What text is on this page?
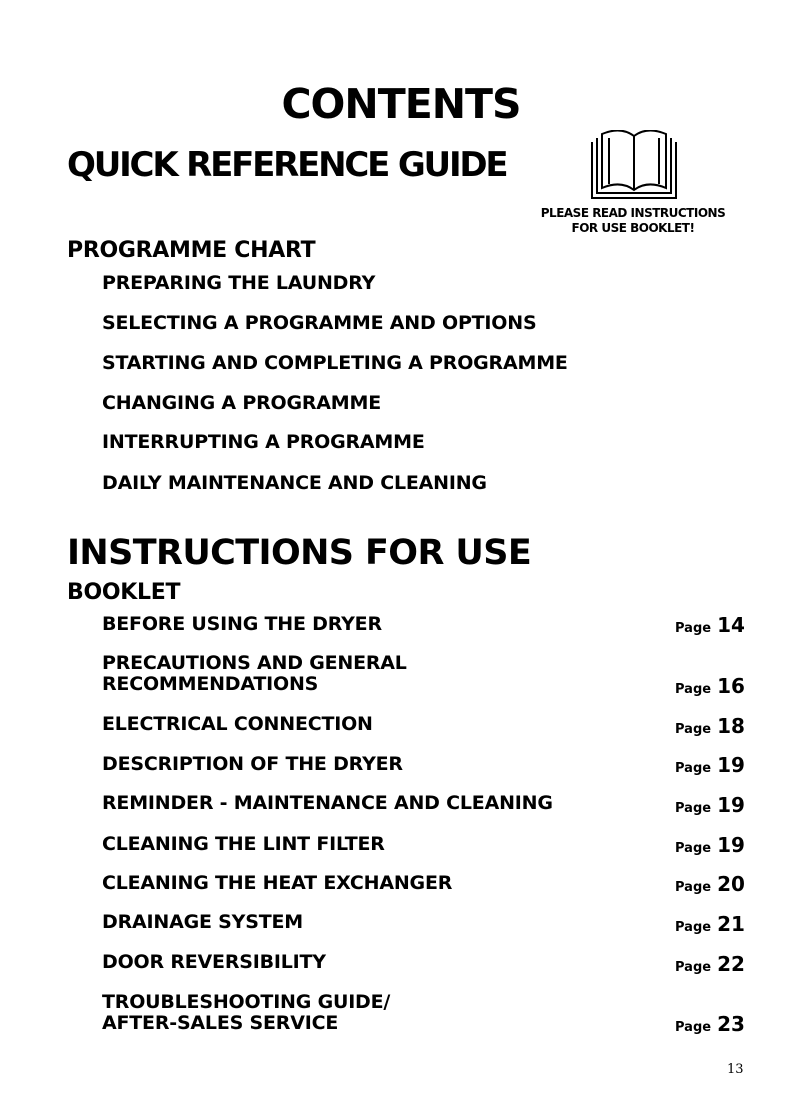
CONTENTS
QUICK REFERENCE GUIDE
PLEASE READ INSTRUCTIONS
FOR USE BOOKLET!
PROGRAMME CHART
PREPARING THE LAUNDRY
SELECTING A PROGRAMME AND OPTIONS
STARTING AND COMPLETING A PROGRAMME
CHANGING A PROGRAMME
INTERRUPTING A PROGRAMME
DAILY MAINTENANCE AND CLEANING
INSTRUCTIONS FOR USE
BOOKLET
BEFORE USING THE DRYER	Page 14
PRECAUTIONS AND GENERAL
RECOMMENDATIONS	Page 16
ELECTRICAL CONNECTION	Page 18
DESCRIPTION OF THE DRYER	Page 19
REMINDER - MAINTENANCE AND CLEANING	Page 19
CLEANING THE LINT FILTER	Page 19
CLEANING THE HEAT EXCHANGER	Page 20
DRAINAGE SYSTEM	Page 21
DOOR REVERSIBILITY	Page 22
TROUBLESHOOTING GUIDE/
AFTER-SALES SERVICE	Page 23
13
